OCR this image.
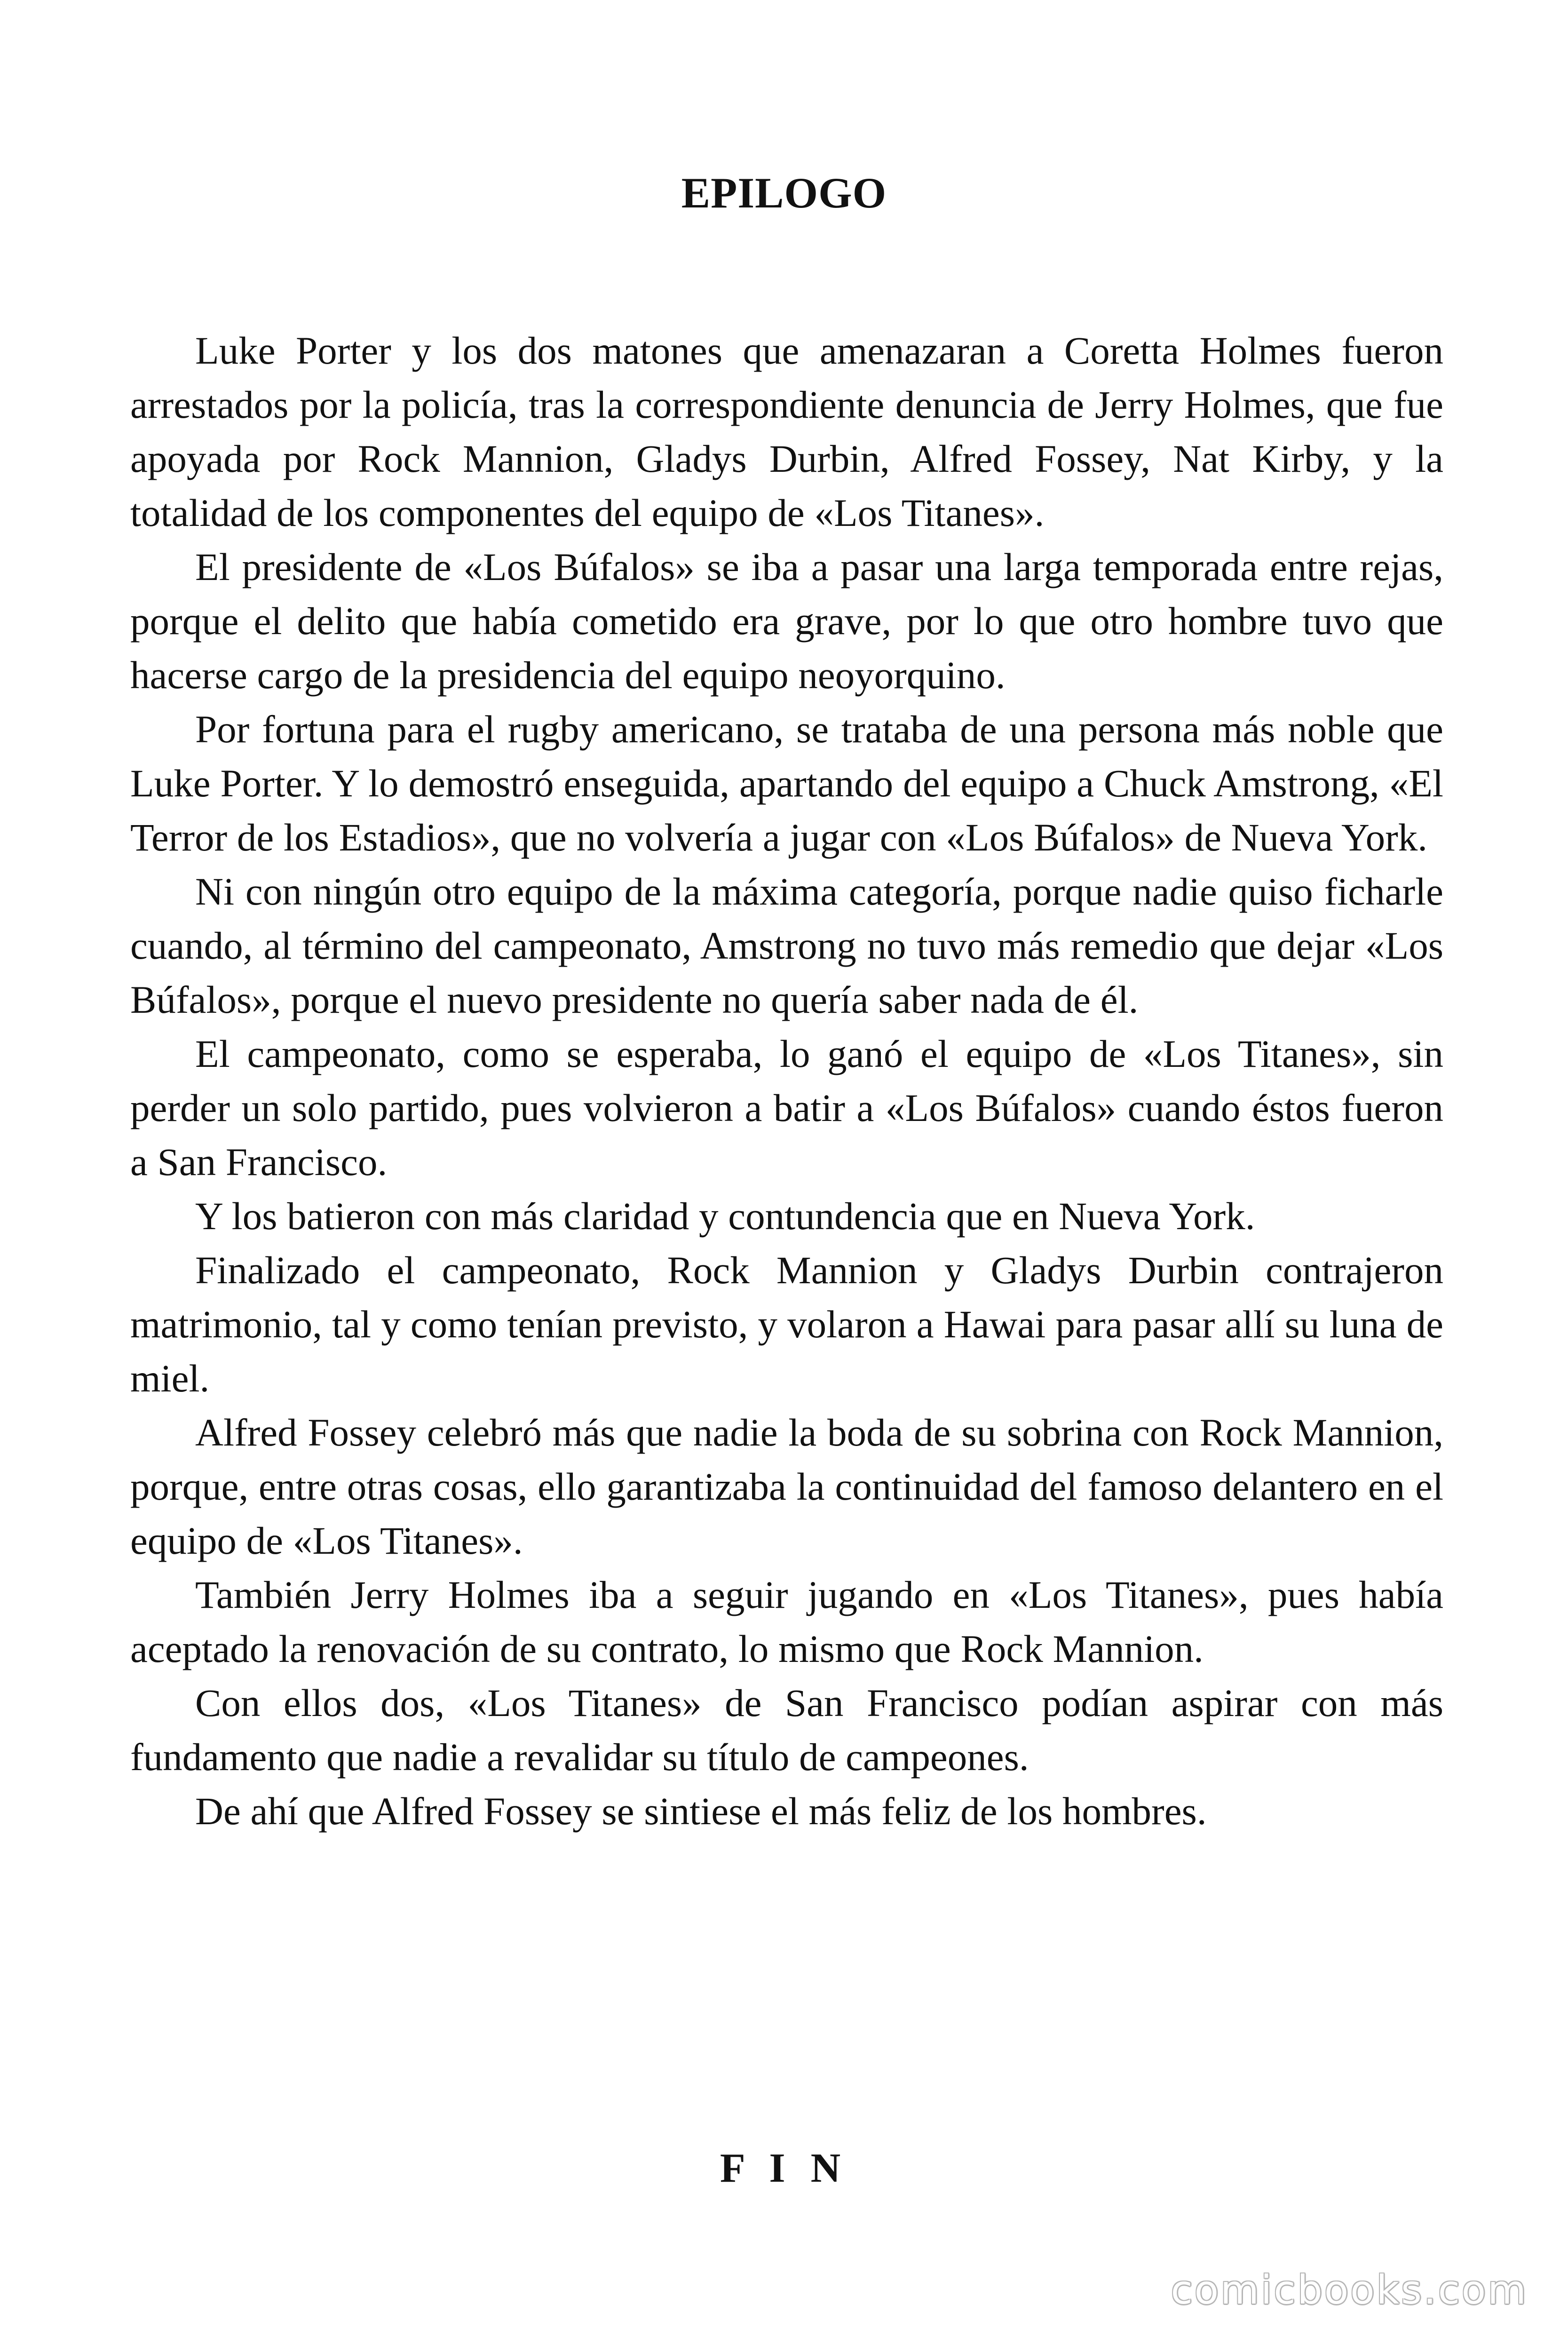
EPILOGO

Luke Porter y los dos matones que amenazaran a Coretta Holmes fueron arrestados por la policía, tras la correspondiente denuncia de Jerry Holmes, que fue apoyada por Rock Mannion, Gladys Durbin, Alfred Fossey, Nat Kirby, y la totalidad de los componentes del equipo de «Los Titanes».

El presidente de «Los Búfalos» se iba a pasar una larga temporada entre rejas, porque el delito que había cometido era grave, por lo que otro hombre tuvo que hacerse cargo de la presidencia del equipo neoyorquino.

Por fortuna para el rugby americano, se trataba de una persona más noble que Luke Porter. Y lo demostró enseguida, apartando del equipo a Chuck Amstrong, «El Terror de los Estadios», que no volvería a jugar con «Los Búfalos» de Nueva York.

Ni con ningún otro equipo de la máxima categoría, porque nadie quiso ficharle cuando, al término del campeonato, Amstrong no tuvo más remedio que dejar «Los Búfalos», porque el nuevo presidente no quería saber nada de él.

El campeonato, como se esperaba, lo ganó el equipo de «Los Titanes», sin perder un solo partido, pues volvieron a batir a «Los Búfalos» cuando éstos fueron a San Francisco.

Y los batieron con más claridad y contundencia que en Nueva York.

Finalizado el campeonato, Rock Mannion y Gladys Durbin contrajeron matrimonio, tal y como tenían previsto, y volaron a Hawai para pasar allí su luna de miel.

Alfred Fossey celebró más que nadie la boda de su sobrina con Rock Mannion, porque, entre otras cosas, ello garantizaba la continuidad del famoso delantero en el equipo de «Los Titanes».

También Jerry Holmes iba a seguir jugando en «Los Titanes», pues había aceptado la renovación de su contrato, lo mismo que Rock Mannion.

Con ellos dos, «Los Titanes» de San Francisco podían aspirar con más fundamento que nadie a revalidar su título de campeones.

De ahí que Alfred Fossey se sintiese el más feliz de los hombres.

F I N
comicbooks.com
